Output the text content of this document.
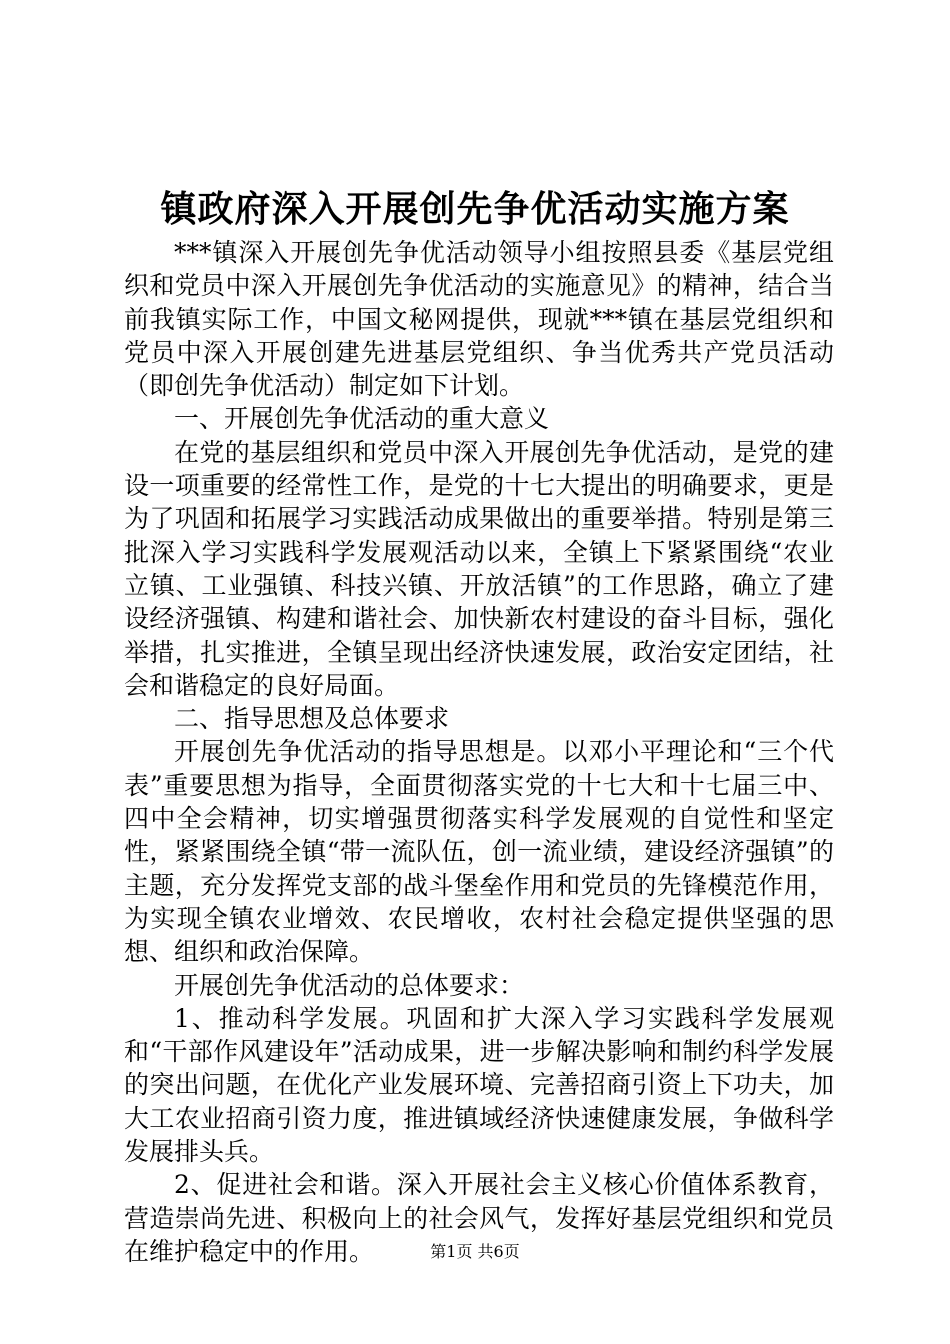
镇政府深入开展创先争优活动实施方案

***镇深入开展创先争优活动领导小组按照县委《基层党组织和党员中深入开展创先争优活动的实施意见》的精神，结合当前我镇实际工作，中国文秘网提供，现就***镇在基层党组织和党员中深入开展创建先进基层党组织、争当优秀共产党员活动（即创先争优活动）制定如下计划。

一、开展创先争优活动的重大意义

在党的基层组织和党员中深入开展创先争优活动，是党的建设一项重要的经常性工作，是党的十七大提出的明确要求，更是为了巩固和拓展学习实践活动成果做出的重要举措。特别是第三批深入学习实践科学发展观活动以来，全镇上下紧紧围绕“农业立镇、工业强镇、科技兴镇、开放活镇”的工作思路，确立了建设经济强镇、构建和谐社会、加快新农村建设的奋斗目标，强化举措，扎实推进，全镇呈现出经济快速发展，政治安定团结，社会和谐稳定的良好局面。

二、指导思想及总体要求

开展创先争优活动的指导思想是。以邓小平理论和“三个代表”重要思想为指导，全面贯彻落实党的十七大和十七届三中、四中全会精神，切实增强贯彻落实科学发展观的自觉性和坚定性，紧紧围绕全镇“带一流队伍，创一流业绩，建设经济强镇”的主题，充分发挥党支部的战斗堡垒作用和党员的先锋模范作用，为实现全镇农业增效、农民增收，农村社会稳定提供坚强的思想、组织和政治保障。

开展创先争优活动的总体要求：

1、推动科学发展。巩固和扩大深入学习实践科学发展观和“干部作风建设年”活动成果，进一步解决影响和制约科学发展的突出问题，在优化产业发展环境、完善招商引资上下功夫，加大工农业招商引资力度，推进镇域经济快速健康发展，争做科学发展排头兵。

2、促进社会和谐。深入开展社会主义核心价值体系教育，营造崇尚先进、积极向上的社会风气，发挥好基层党组织和党员在维护稳定中的作用。	第1页 共6页
